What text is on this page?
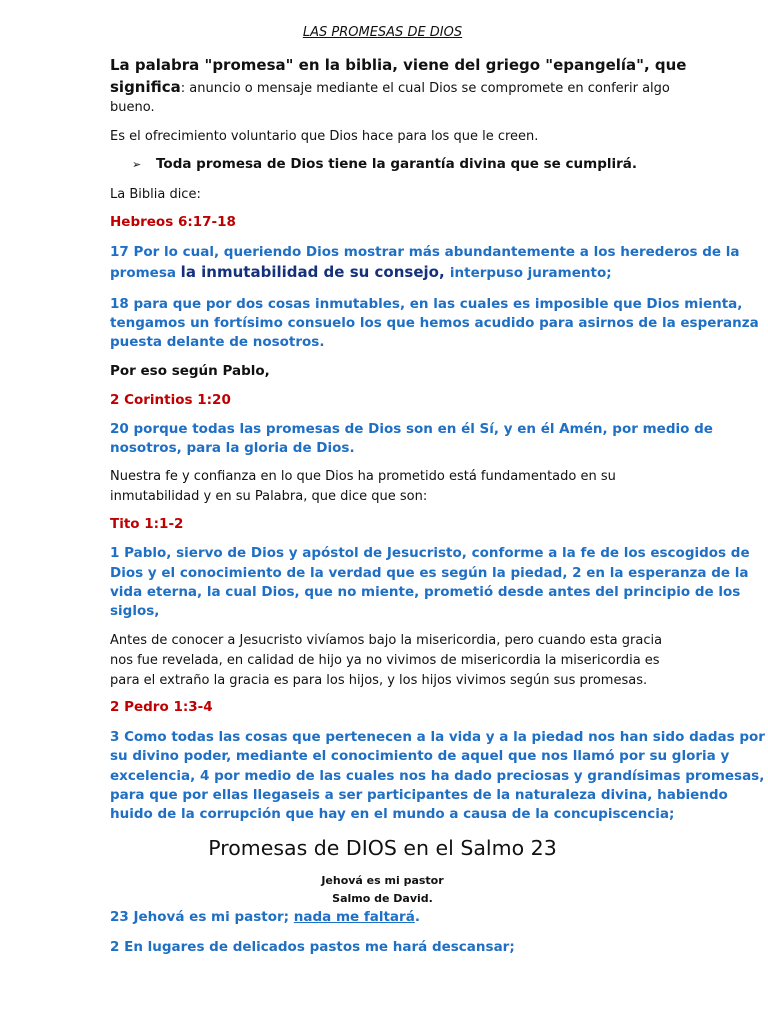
LAS PROMESAS DE DIOS
La palabra "promesa" en la biblia, viene del griego "epangelía", que
significa: anuncio o mensaje mediante el cual Dios se compromete en conferir algo
bueno.
Es el ofrecimiento voluntario que Dios hace para los que le creen.
➢ Toda promesa de Dios tiene la garantía divina que se cumplirá.
La Biblia dice:
Hebreos 6:17-18
17 Por lo cual, queriendo Dios mostrar más abundantemente a los herederos de la
promesa la inmutabilidad de su consejo, interpuso juramento;
18 para que por dos cosas inmutables, en las cuales es imposible que Dios mienta,
tengamos un fortísimo consuelo los que hemos acudido para asirnos de la esperanza
puesta delante de nosotros.
Por eso según Pablo,
2 Corintios 1:20
20 porque todas las promesas de Dios son en él Sí, y en él Amén, por medio de
nosotros, para la gloria de Dios.
Nuestra fe y confianza en lo que Dios ha prometido está fundamentado en su
inmutabilidad y en su Palabra, que dice que son:
Tito 1:1-2
1 Pablo, siervo de Dios y apóstol de Jesucristo, conforme a la fe de los escogidos de
Dios y el conocimiento de la verdad que es según la piedad, 2 en la esperanza de la
vida eterna, la cual Dios, que no miente, prometió desde antes del principio de los
siglos,
Antes de conocer a Jesucristo vivíamos bajo la misericordia, pero cuando esta gracia
nos fue revelada, en calidad de hijo ya no vivimos de misericordia la misericordia es
para el extraño la gracia es para los hijos, y los hijos vivimos según sus promesas.
2 Pedro 1:3-4
3 Como todas las cosas que pertenecen a la vida y a la piedad nos han sido dadas por
su divino poder, mediante el conocimiento de aquel que nos llamó por su gloria y
excelencia, 4 por medio de las cuales nos ha dado preciosas y grandísimas promesas,
para que por ellas llegaseis a ser participantes de la naturaleza divina, habiendo
huido de la corrupción que hay en el mundo a causa de la concupiscencia;
Promesas de DIOS en el Salmo 23
Jehová es mi pastor
Salmo de David.
23 Jehová es mi pastor; nada me faltará.
2 En lugares de delicados pastos me hará descansar;
